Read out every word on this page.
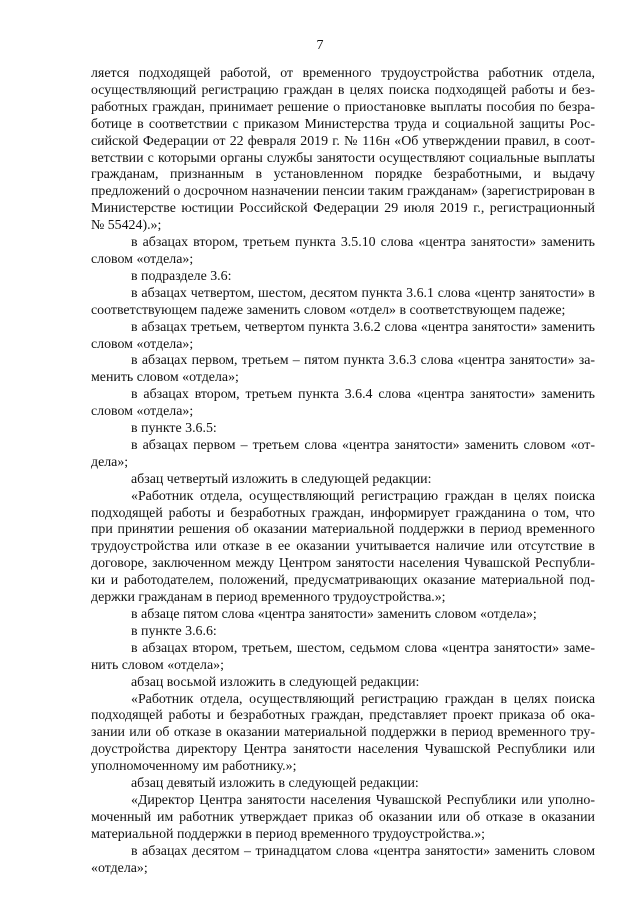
7

ляется подходящей работой, от временного трудоустройства работник отдела, осуществляющий регистрацию граждан в целях поиска подходящей работы и безработных граждан, принимает решение о приостановке выплаты пособия по безработице в соответствии с приказом Министерства труда и социальной защиты Российской Федерации от 22 февраля 2019 г. № 116н «Об утверждении правил, в соответствии с которыми органы службы занятости осуществляют социальные выплаты гражданам, признанным в установленном порядке безработными, и выдачу предложений о досрочном назначении пенсии таким гражданам» (зарегистрирован в Министерстве юстиции Российской Федерации 29 июля 2019 г., регистрационный № 55424).»;

в абзацах втором, третьем пункта 3.5.10 слова «центра занятости» заменить словом «отдела»;

в подразделе 3.6:

в абзацах четвертом, шестом, десятом пункта 3.6.1 слова «центр занятости» в соответствующем падеже заменить словом «отдел» в соответствующем падеже;

в абзацах третьем, четвертом пункта 3.6.2 слова «центра занятости» заменить словом «отдела»;

в абзацах первом, третьем – пятом пункта 3.6.3 слова «центра занятости» заменить словом «отдела»;

в абзацах втором, третьем пункта 3.6.4 слова «центра занятости» заменить словом «отдела»;

в пункте 3.6.5:

в абзацах первом – третьем слова «центра занятости» заменить словом «отдела»;

абзац четвертый изложить в следующей редакции:

«Работник отдела, осуществляющий регистрацию граждан в целях поиска подходящей работы и безработных граждан, информирует гражданина о том, что при принятии решения об оказании материальной поддержки в период временного трудоустройства или отказе в ее оказании учитывается наличие или отсутствие в договоре, заключенном между Центром занятости населения Чувашской Республики и работодателем, положений, предусматривающих оказание материальной поддержки гражданам в период временного трудоустройства.»;

в абзаце пятом слова «центра занятости» заменить словом «отдела»;

в пункте 3.6.6:

в абзацах втором, третьем, шестом, седьмом слова «центра занятости» заменить словом «отдела»;

абзац восьмой изложить в следующей редакции:

«Работник отдела, осуществляющий регистрацию граждан в целях поиска подходящей работы и безработных граждан, представляет проект приказа об оказании или об отказе в оказании материальной поддержки в период временного трудоустройства директору Центра занятости населения Чувашской Республики или уполномоченному им работнику.»;

абзац девятый изложить в следующей редакции:

«Директор Центра занятости населения Чувашской Республики или уполномоченный им работник утверждает приказ об оказании или об отказе в оказании материальной поддержки в период временного трудоустройства.»;

в абзацах десятом – тринадцатом слова «центра занятости» заменить словом «отдела»;
